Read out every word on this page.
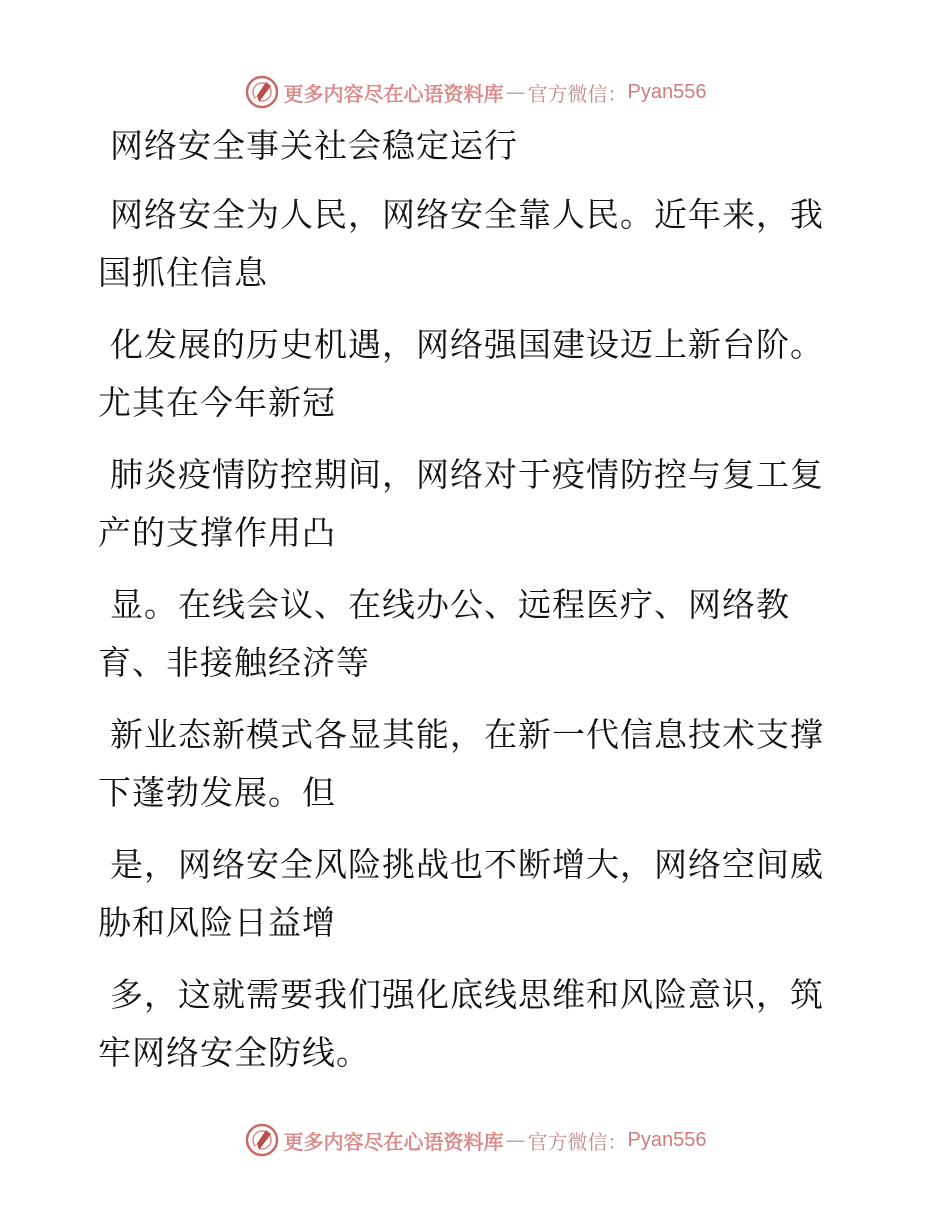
更多内容尽在心语资料库 — 官方微信： Pyan556
网络安全事关社会稳定运行

网络安全为人民，网络安全靠人民。近年来，我
国抓住信息

化发展的历史机遇，网络强国建设迈上新台阶。
尤其在今年新冠

肺炎疫情防控期间，网络对于疫情防控与复工复
产的支撑作用凸

显。在线会议、在线办公、远程医疗、网络教
育、非接触经济等

新业态新模式各显其能，在新一代信息技术支撑
下蓬勃发展。但

是，网络安全风险挑战也不断增大，网络空间威
胁和风险日益增

多，这就需要我们强化底线思维和风险意识，筑
牢网络安全防线。

更多内容尽在心语资料库 — 官方微信： Pyan556
